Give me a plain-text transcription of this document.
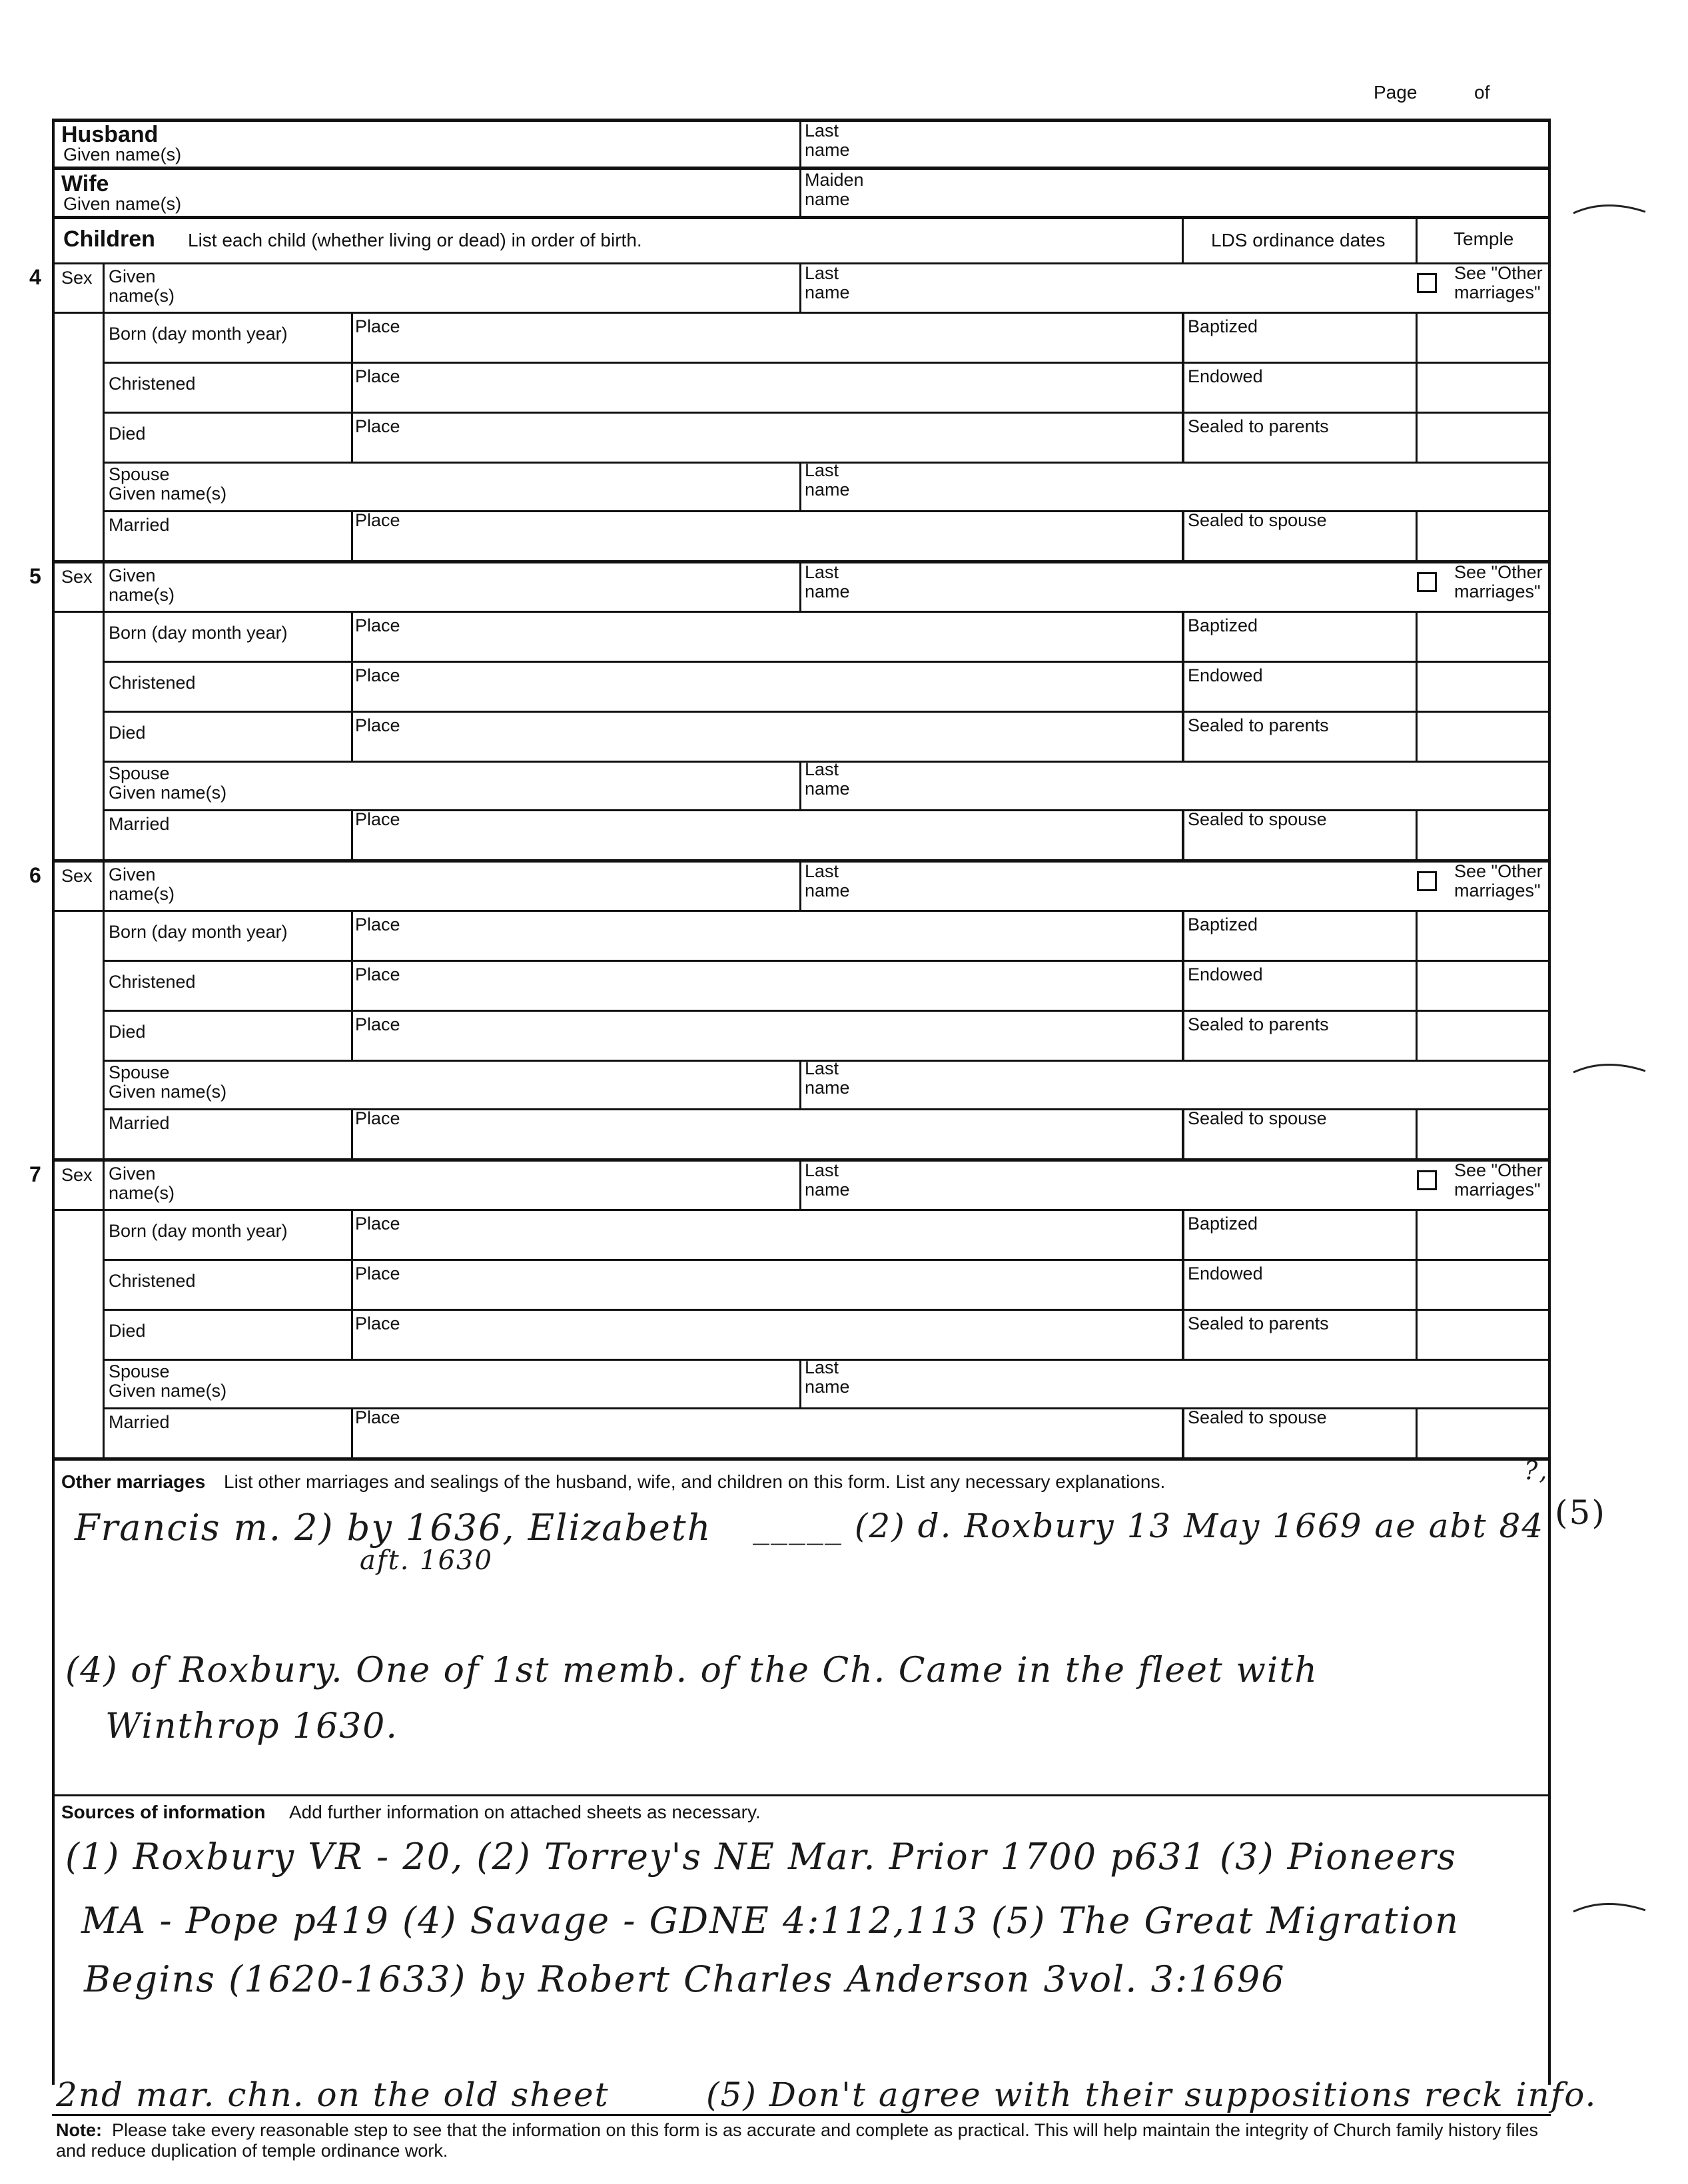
Page	of
Husband
Given name(s)
Last
name
Wife
Given name(s)
Maiden
name
Children List each child (whether living or dead) in order of birth.	LDS ordinance dates	Temple
4 Sex Given
name(s)
Last
name
See "Other
marriages"
Born (day month year)	Place	Baptized
Christened	Place	Endowed
Died	Place	Sealed to parents
Spouse
Given name(s)
Last
name
Married	Place	Sealed to spouse
5 Sex Given
name(s)
Last
name
See "Other
marriages"
Born (day month year)	Place	Baptized
Christened	Place	Endowed
Died	Place	Sealed to parents
Spouse
Given name(s)
Last
name
Married	Place	Sealed to spouse
6 Sex Given
name(s)
Last
name
See "Other
marriages"
Born (day month year)	Place	Baptized
Christened	Place	Endowed
Died	Place	Sealed to parents
Spouse
Given name(s)
Last
name
Married	Place	Sealed to spouse
7 Sex Given
name(s)
Last
name
See "Other
marriages"
Born (day month year)	Place	Baptized
Christened	Place	Endowed
Died	Place	Sealed to parents
Spouse
Given name(s)
Last
name
Married	Place	Sealed to spouse
Other marriages List other marriages and sealings of the husband, wife, and children on this form. List any necessary explanations.	?,
Francis m. 2) by 1636, Elizabeth
aft. 1630
_____ (2) d. Roxbury 13 May 1669 ae abt 84 (5)
(4) of Roxbury. One of 1st memb. of the Ch. Came in the fleet with
Winthrop 1630.
Sources of information Add further information on attached sheets as necessary.
(1) Roxbury VR - 20, (2) Torrey's NE Mar. Prior 1700 p631 (3) Pioneers
MA - Pope p419 (4) Savage - GDNE 4:112,113 (5) The Great Migration
Begins (1620-1633) by Robert Charles Anderson 3vol. 3:1696
2nd mar. chn. on the old sheet	(5) Don't agree with their suppositions reck info.
Note: Please take every reasonable step to see that the information on this form is as accurate and complete as practical. This will help maintain the integrity of Church family history files and reduce duplication of temple ordinance work.
